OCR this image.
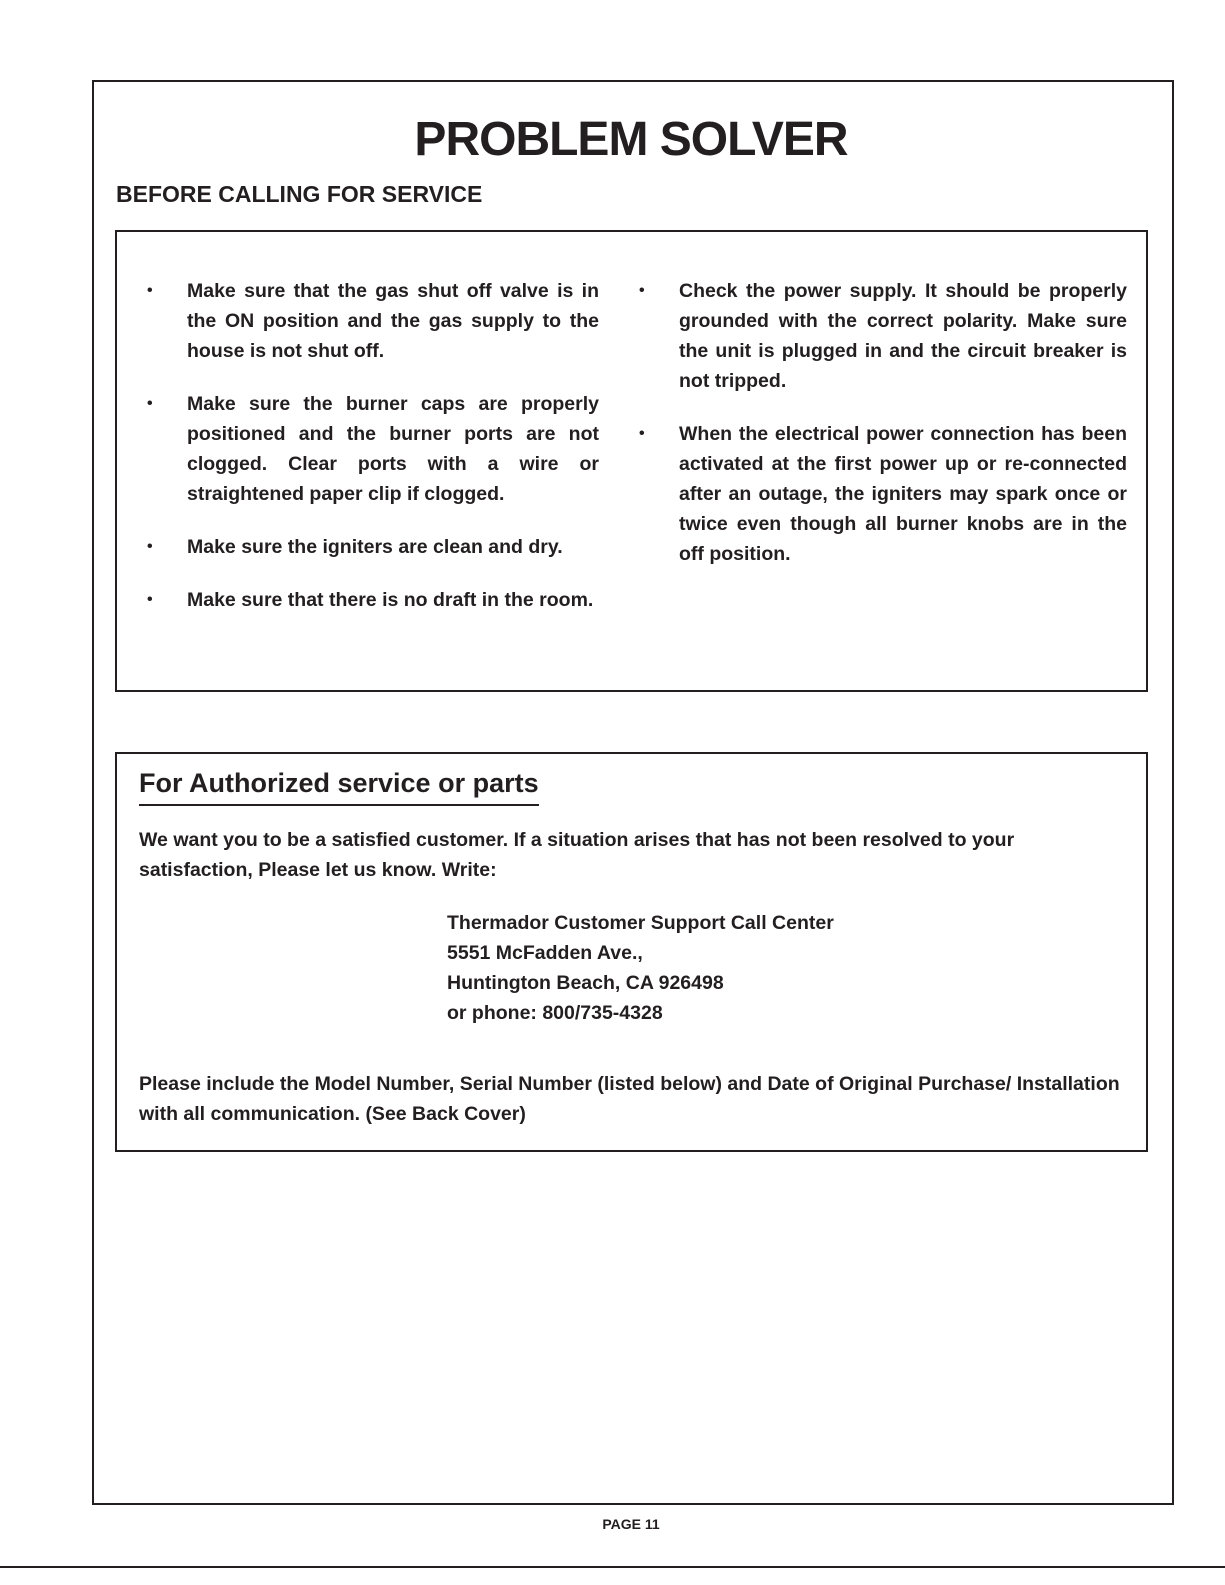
PROBLEM SOLVER
BEFORE CALLING FOR SERVICE
•	Make sure that the gas shut off valve is in the ON position and the gas supply to the house is not shut off.
•	Make sure the burner caps are properly positioned and the burner ports are not clogged. Clear ports with a wire or straightened paper clip if clogged.
•	Make sure the igniters are clean and dry.
•	Make sure that there is no draft in the room.
•	Check the power supply. It should be properly grounded with the correct polarity. Make sure the unit is plugged in and the circuit breaker is not tripped.
•	When the electrical power connection has been activated at the first power up or re-connected after an outage, the igniters may spark once or twice even though all burner knobs are in the off position.
For Authorized service or parts

We want you to be a satisfied customer. If a situation arises that has not been resolved to your satisfaction, Please let us know. Write:

Thermador Customer Support Call Center
5551 McFadden Ave.,
Huntington Beach, CA 926498
or phone: 800/735-4328

Please include the Model Number, Serial Number (listed below) and Date of Original Purchase/ Installation with all communication. (See Back Cover)

PAGE 11
